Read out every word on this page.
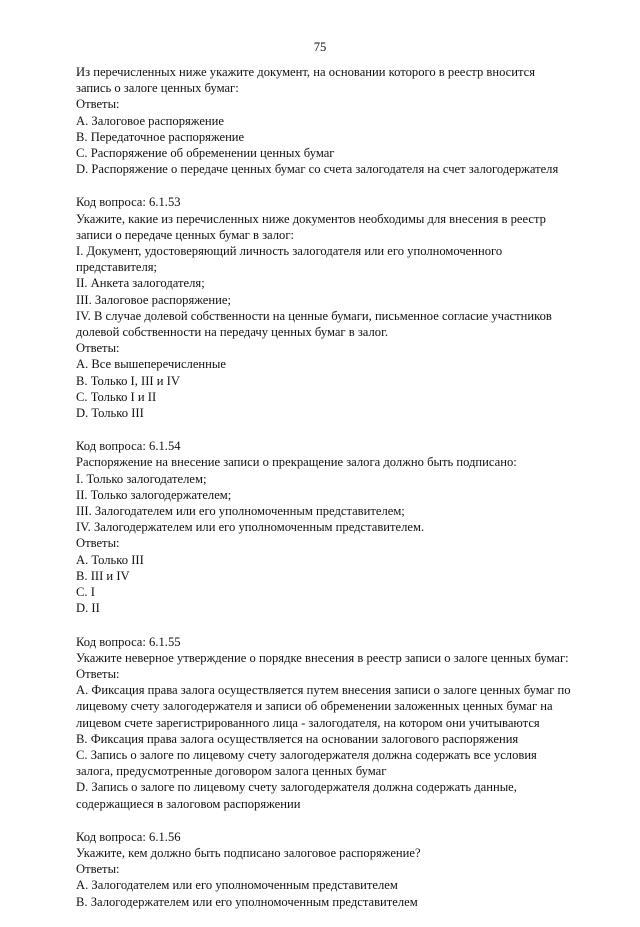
75
Из перечисленных ниже укажите документ, на основании которого в реестр вносится
запись о залоге ценных бумаг:
Ответы:
A. Залоговое распоряжение
B. Передаточное распоряжение
C. Распоряжение об обременении ценных бумаг
D. Распоряжение о передаче ценных бумаг со счета залогодателя на счет залогодержателя
Код вопроса: 6.1.53
Укажите, какие из перечисленных ниже документов необходимы для внесения в реестр
записи о передаче ценных бумаг в залог:
I. Документ, удостоверяющий личность залогодателя или его уполномоченного
представителя;
II. Анкета залогодателя;
III. Залоговое распоряжение;
IV. В случае долевой собственности на ценные бумаги, письменное согласие участников
долевой собственности на передачу ценных бумаг в залог.
Ответы:
A. Все вышеперечисленные
B. Только I, III и IV
C. Только I и II
D. Только III
Код вопроса: 6.1.54
Распоряжение на внесение записи о прекращение залога должно быть подписано:
I. Только залогодателем;
II. Только залогодержателем;
III. Залогодателем или его уполномоченным представителем;
IV. Залогодержателем или его уполномоченным представителем.
Ответы:
A. Только III
B. III и IV
C. I
D. II
Код вопроса: 6.1.55
Укажите неверное утверждение о порядке внесения в реестр записи о залоге ценных бумаг:
Ответы:
A. Фиксация права залога осуществляется путем внесения записи о залоге ценных бумаг по
лицевому счету залогодержателя и записи об обременении заложенных ценных бумаг на
лицевом счете зарегистрированного лица - залогодателя, на котором они учитываются
B. Фиксация права залога осуществляется на основании залогового распоряжения
C. Запись о залоге по лицевому счету залогодержателя должна содержать все условия
залога, предусмотренные договором залога ценных бумаг
D. Запись о залоге по лицевому счету залогодержателя должна содержать данные,
содержащиеся в залоговом распоряжении
Код вопроса: 6.1.56
Укажите, кем должно быть подписано залоговое распоряжение?
Ответы:
A. Залогодателем или его уполномоченным представителем
B. Залогодержателем или его уполномоченным представителем
